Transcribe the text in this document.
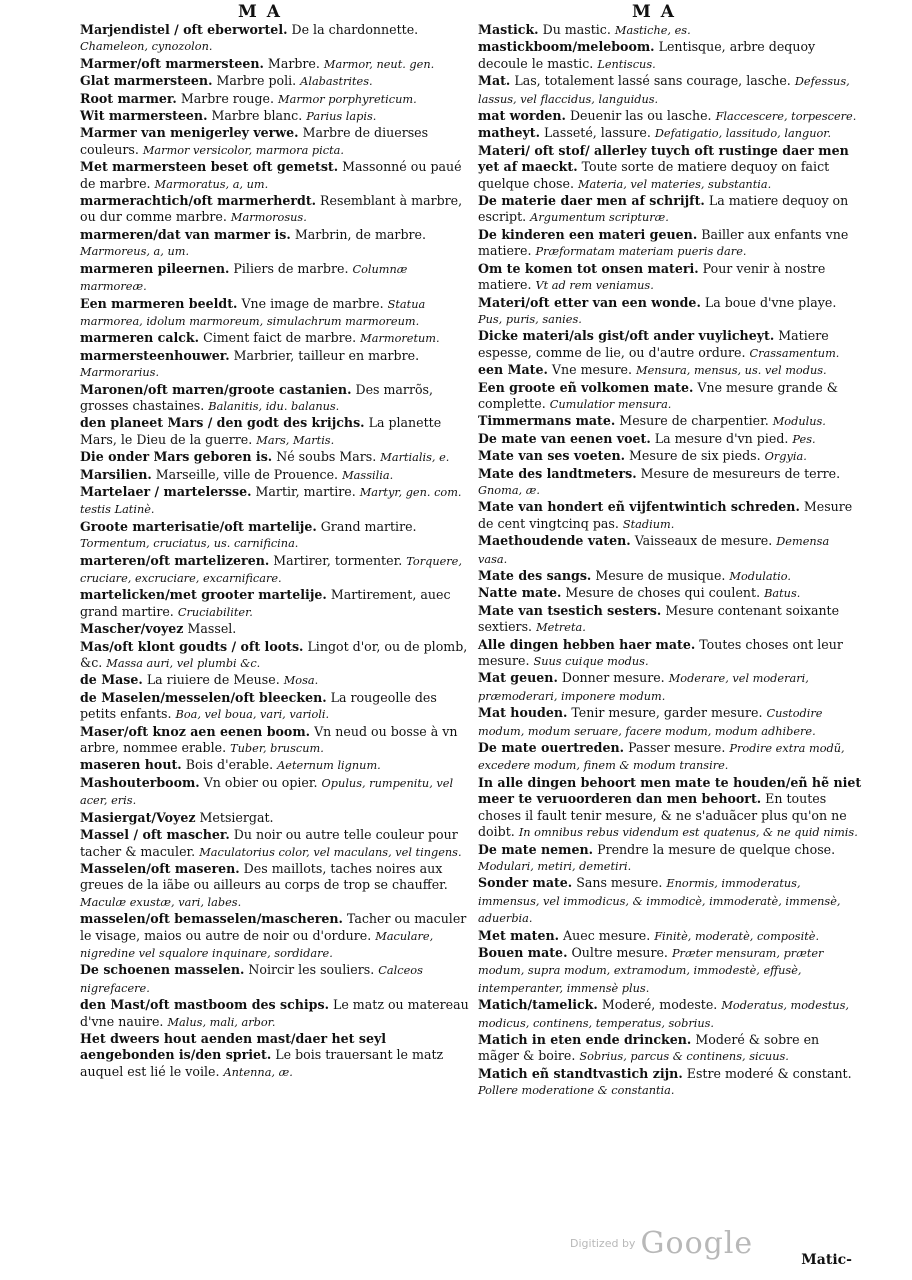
M A	M A

Marjendistel / oft eberwortel. De la chardonnette. Chameleon, cynozolon.

Marmer/oft marmersteen. Marbre. Marmor, neut. gen.

Glat marmersteen. Marbre poli. Alabastrites.

Root marmer. Marbre rouge. Marmor porphyreticum.

Wit marmersteen. Marbre blanc. Parius lapis.

Marmer van menigerley verwe. Marbre de diuerses couleurs. Marmor versicolor, marmora picta.

Met marmersteen beset oft gemetst. Massonné ou paué de marbre. Marmoratus, a, um.

marmerachtich/oft marmerherdt. Resemblant à marbre, ou dur comme marbre. Marmorosus.

marmeren/dat van marmer is. Marbrin, de marbre. Marmoreus, a, um.

marmeren pileernen. Piliers de marbre. Columnæ marmoreæ.

Een marmeren beeldt. Vne image de marbre. Statua marmorea, idolum marmoreum, simulachrum marmoreum.

marmeren calck. Ciment faict de marbre. Marmoretum.

marmersteenhouwer. Marbrier, tailleur en marbre. Marmorarius.

Maronen/oft marren/groote castanien. Des marrõs, grosses chastaines. Balanitis, idu. balanus.

den planeet Mars / den godt des krijchs. La planette Mars, le Dieu de la guerre. Mars, Martis.

Die onder Mars geboren is. Né soubs Mars. Martialis, e.

Marsilien. Marseille, ville de Prouence. Massilia.

Martelaer / martelersse. Martir, martire. Martyr, gen. com. testis Latinè.

Groote marterisatie/oft martelije. Grand martire. Tormentum, cruciatus, us. carnificina.

marteren/oft martelizeren. Martirer, tormenter. Torquere, cruciare, excruciare, excarnificare.

martelicken/met grooter martelije. Martirement, auec grand martire. Cruciabiliter.

Mascher/voyez Massel.

Mas/oft klont goudts / oft loots. Lingot d'or, ou de plomb, &c. Massa auri, vel plumbi &c.

de Mase. La riuiere de Meuse. Mosa.

de Maselen/messelen/oft bleecken. La rougeolle des petits enfants. Boa, vel boua, vari, varioli.

Maser/oft knoz aen eenen boom. Vn neud ou bosse à vn arbre, nommee erable. Tuber, bruscum.

maseren hout. Bois d'erable. Aeternum lignum.

Mashouterboom. Vn obier ou opier. Opulus, rumpenitu, vel acer, eris.

Masiergat/Voyez Metsiergat.

Massel / oft mascher. Du noir ou autre telle couleur pour tacher & maculer. Maculatorius color, vel maculans, vel tingens.

Masselen/oft maseren. Des maillots, taches noires aux greues de la iãbe ou ailleurs au corps de trop se chauffer. Maculæ exustæ, vari, labes.

masselen/oft bemasselen/mascheren. Tacher ou maculer le visage, maios ou autre de noir ou d'ordure. Maculare, nigredine vel squalore inquinare, sordidare.

De schoenen masselen. Noircir les souliers. Calceos nigrefacere.

den Mast/oft mastboom des schips. Le matz ou matereau d'vne nauire. Malus, mali, arbor.

Het dweers hout aenden mast/daer het seyl aengebonden is/den spriet. Le bois trauersant le matz auquel est lié le voile. Antenna, æ.

Mastick. Du mastic. Mastiche, es.

mastickboom/meleboom. Lentisque, arbre dequoy decoule le mastic. Lentiscus.

Mat. Las, totalement lassé sans courage, lasche. Defessus, lassus, vel flaccidus, languidus.

mat worden. Deuenir las ou lasche. Flaccescere, torpescere.

matheyt. Lasseté, lassure. Defatigatio, lassitudo, languor.

Materi/ oft stof/ allerley tuych oft rustinge daer men yet af maeckt. Toute sorte de matiere dequoy on faict quelque chose. Materia, vel materies, substantia.

De materie daer men af schrijft. La matiere dequoy on escript. Argumentum scripturæ.

De kinderen een materi geuen. Bailler aux enfants vne matiere. Præformatam materiam pueris dare.

Om te komen tot onsen materi. Pour venir à nostre matiere. Vt ad rem veniamus.

Materi/oft etter van een wonde. La boue d'vne playe. Pus, puris, sanies.

Dicke materi/als gist/oft ander vuylicheyt. Matiere espesse, comme de lie, ou d'autre ordure. Crassamentum.

een Mate. Vne mesure. Mensura, mensus, us. vel modus.

Een groote eñ volkomen mate. Vne mesure grande & complette. Cumulatior mensura.

Timmermans mate. Mesure de charpentier. Modulus.

De mate van eenen voet. La mesure d'vn pied. Pes.

Mate van ses voeten. Mesure de six pieds. Orgyia.

Mate des landtmeters. Mesure de mesureurs de terre. Gnoma, æ.

Mate van hondert eñ vijfentwintich schreden. Mesure de cent vingtcinq pas. Stadium.

Maethoudende vaten. Vaisseaux de mesure. Demensa vasa.

Mate des sangs. Mesure de musique. Modulatio.

Natte mate. Mesure de choses qui coulent. Batus.

Mate van tsestich sesters. Mesure contenant soixante sextiers. Metreta.

Alle dingen hebben haer mate. Toutes choses ont leur mesure. Suus cuique modus.

Mat geuen. Donner mesure. Moderare, vel moderari, præmoderari, imponere modum.

Mat houden. Tenir mesure, garder mesure. Custodire modum, modum seruare, facere modum, modum adhibere.

De mate ouertreden. Passer mesure. Prodire extra modũ, excedere modum, finem & modum transire.

In alle dingen behoort men mate te houden/eñ hẽ niet meer te veruoorderen dan men behoort. En toutes choses il fault tenir mesure, & ne s'aduãcer plus qu'on ne doibt. In omnibus rebus videndum est quatenus, & ne quid nimis.

De mate nemen. Prendre la mesure de quelque chose. Modulari, metiri, demetiri.

Sonder mate. Sans mesure. Enormis, immoderatus, immensus, vel immodicus, & immodicè, immoderatè, immensè, aduerbia.

Met maten. Auec mesure. Finitè, moderatè, compositè.

Bouen mate. Oultre mesure. Præter mensuram, præter modum, supra modum, extramodum, immodestè, effusè, intemperanter, immensè plus.

Matich/tamelick. Moderé, modeste. Moderatus, modestus, modicus, continens, temperatus, sobrius.

Matich in eten ende drincken. Moderé & sobre en mãger & boire. Sobrius, parcus & continens, sicuus.

Matich eñ standtvastich zijn. Estre moderé & constant. Pollere moderatione & constantia.

Digitized by Google	Matic-
